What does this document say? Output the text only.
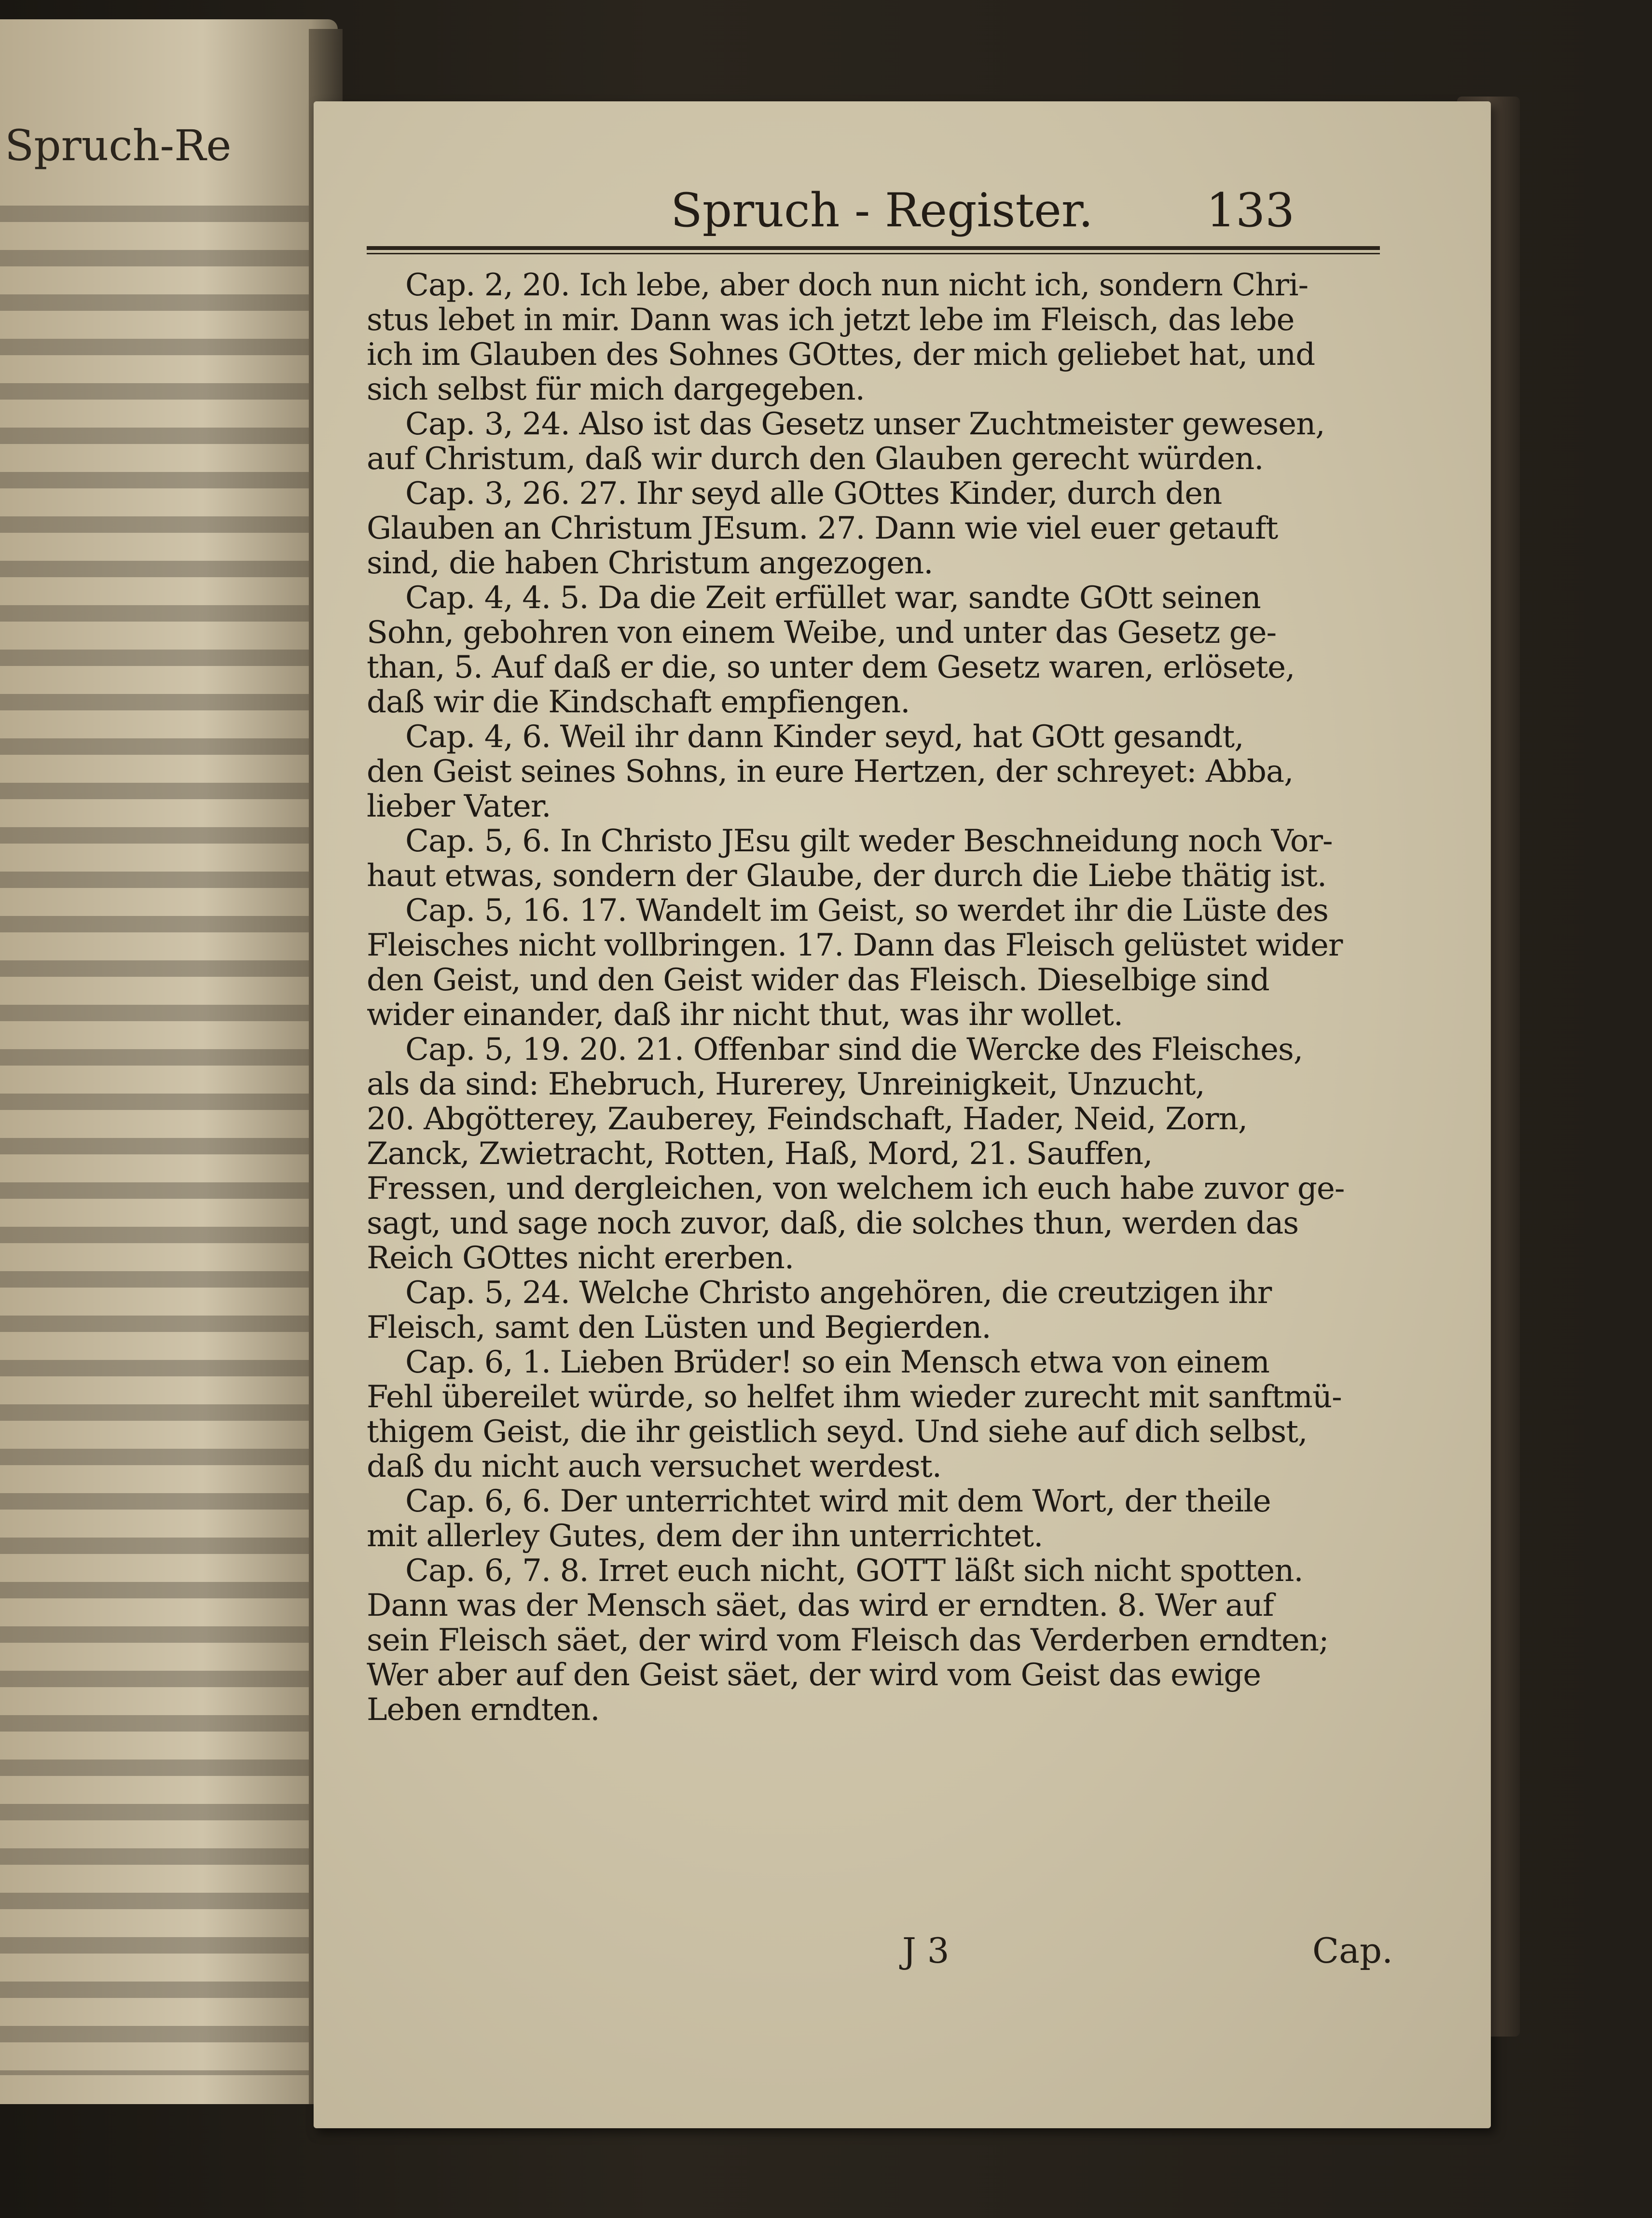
Spruch-Re
Spruch - Register. 133
Cap. 2, 20. Ich lebe, aber doch nun nicht ich, sondern Chri-
stus lebet in mir. Dann was ich jetzt lebe im Fleisch, das lebe
ich im Glauben des Sohnes GOttes, der mich geliebet hat, und
sich selbst für mich dargegeben.
Cap. 3, 24. Also ist das Gesetz unser Zuchtmeister gewesen,
auf Christum, daß wir durch den Glauben gerecht würden.
Cap. 3, 26. 27. Ihr seyd alle GOttes Kinder, durch den
Glauben an Christum JEsum. 27. Dann wie viel euer getauft
sind, die haben Christum angezogen.
Cap. 4, 4. 5. Da die Zeit erfüllet war, sandte GOtt seinen
Sohn, gebohren von einem Weibe, und unter das Gesetz ge-
than, 5. Auf daß er die, so unter dem Gesetz waren, erlösete,
daß wir die Kindschaft empfiengen.
Cap. 4, 6. Weil ihr dann Kinder seyd, hat GOtt gesandt,
den Geist seines Sohns, in eure Hertzen, der schreyet: Abba,
lieber Vater.
Cap. 5, 6. In Christo JEsu gilt weder Beschneidung noch Vor-
haut etwas, sondern der Glaube, der durch die Liebe thätig ist.
Cap. 5, 16. 17. Wandelt im Geist, so werdet ihr die Lüste des
Fleisches nicht vollbringen. 17. Dann das Fleisch gelüstet wider
den Geist, und den Geist wider das Fleisch. Dieselbige sind
wider einander, daß ihr nicht thut, was ihr wollet.
Cap. 5, 19. 20. 21. Offenbar sind die Wercke des Fleisches,
als da sind: Ehebruch, Hurerey, Unreinigkeit, Unzucht,
20. Abgötterey, Zauberey, Feindschaft, Hader, Neid, Zorn,
Zanck, Zwietracht, Rotten, Haß, Mord, 21. Sauffen,
Fressen, und dergleichen, von welchem ich euch habe zuvor ge-
sagt, und sage noch zuvor, daß, die solches thun, werden das
Reich GOttes nicht ererben.
Cap. 5, 24. Welche Christo angehören, die creutzigen ihr
Fleisch, samt den Lüsten und Begierden.
Cap. 6, 1. Lieben Brüder! so ein Mensch etwa von einem
Fehl übereilet würde, so helfet ihm wieder zurecht mit sanftmü-
thigem Geist, die ihr geistlich seyd. Und siehe auf dich selbst,
daß du nicht auch versuchet werdest.
Cap. 6, 6. Der unterrichtet wird mit dem Wort, der theile
mit allerley Gutes, dem der ihn unterrichtet.
Cap. 6, 7. 8. Irret euch nicht, GOTT läßt sich nicht spotten.
Dann was der Mensch säet, das wird er erndten. 8. Wer auf
sein Fleisch säet, der wird vom Fleisch das Verderben erndten;
Wer aber auf den Geist säet, der wird vom Geist das ewige
Leben erndten.
J 3	Cap.
